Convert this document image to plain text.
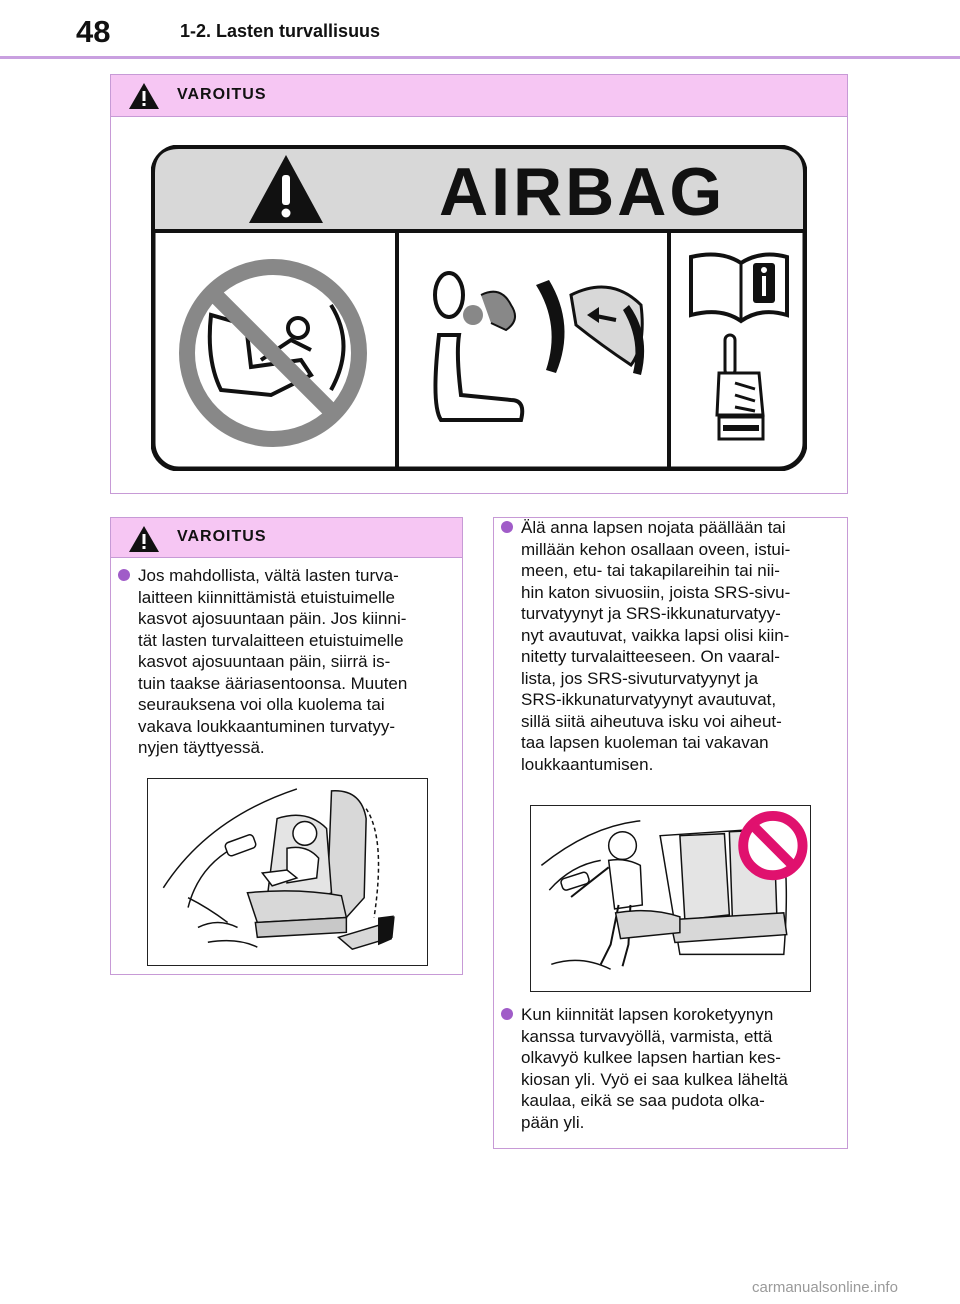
48	1-2. Lasten turvallisuus
VAROITUS
AIRBAG
VAROITUS
Jos mahdollista, vältä lasten turva-
laitteen kiinnittämistä etuistuimelle
kasvot ajosuuntaan päin. Jos kiinni-
tät lasten turvalaitteen etuistuimelle
kasvot ajosuuntaan päin, siirrä is-
tuin taakse ääriasentoonsa. Muuten
seurauksena voi olla kuolema tai
vakava loukkaantuminen turvatyy-
nyjen täyttyessä.
Älä anna lapsen nojata päällään tai
millään kehon osallaan oveen, istui-
meen, etu- tai takapilareihin tai nii-
hin katon sivuosiin, joista SRS-sivu-
turvatyynyt ja SRS-ikkunaturvatyy-
nyt avautuvat, vaikka lapsi olisi kiin-
nitetty turvalaitteeseen. On vaaral-
lista, jos SRS-sivuturvatyynyt ja
SRS-ikkunaturvatyynyt avautuvat,
sillä siitä aiheutuva isku voi aiheut-
taa lapsen kuoleman tai vakavan
loukkaantumisen.
Kun kiinnität lapsen koroketyynyn
kanssa turvavyöllä, varmista, että
olkavyö kulkee lapsen hartian kes-
kiosan yli. Vyö ei saa kulkea läheltä
kaulaa, eikä se saa pudota olka-
pään yli.
carmanualsonline.info
